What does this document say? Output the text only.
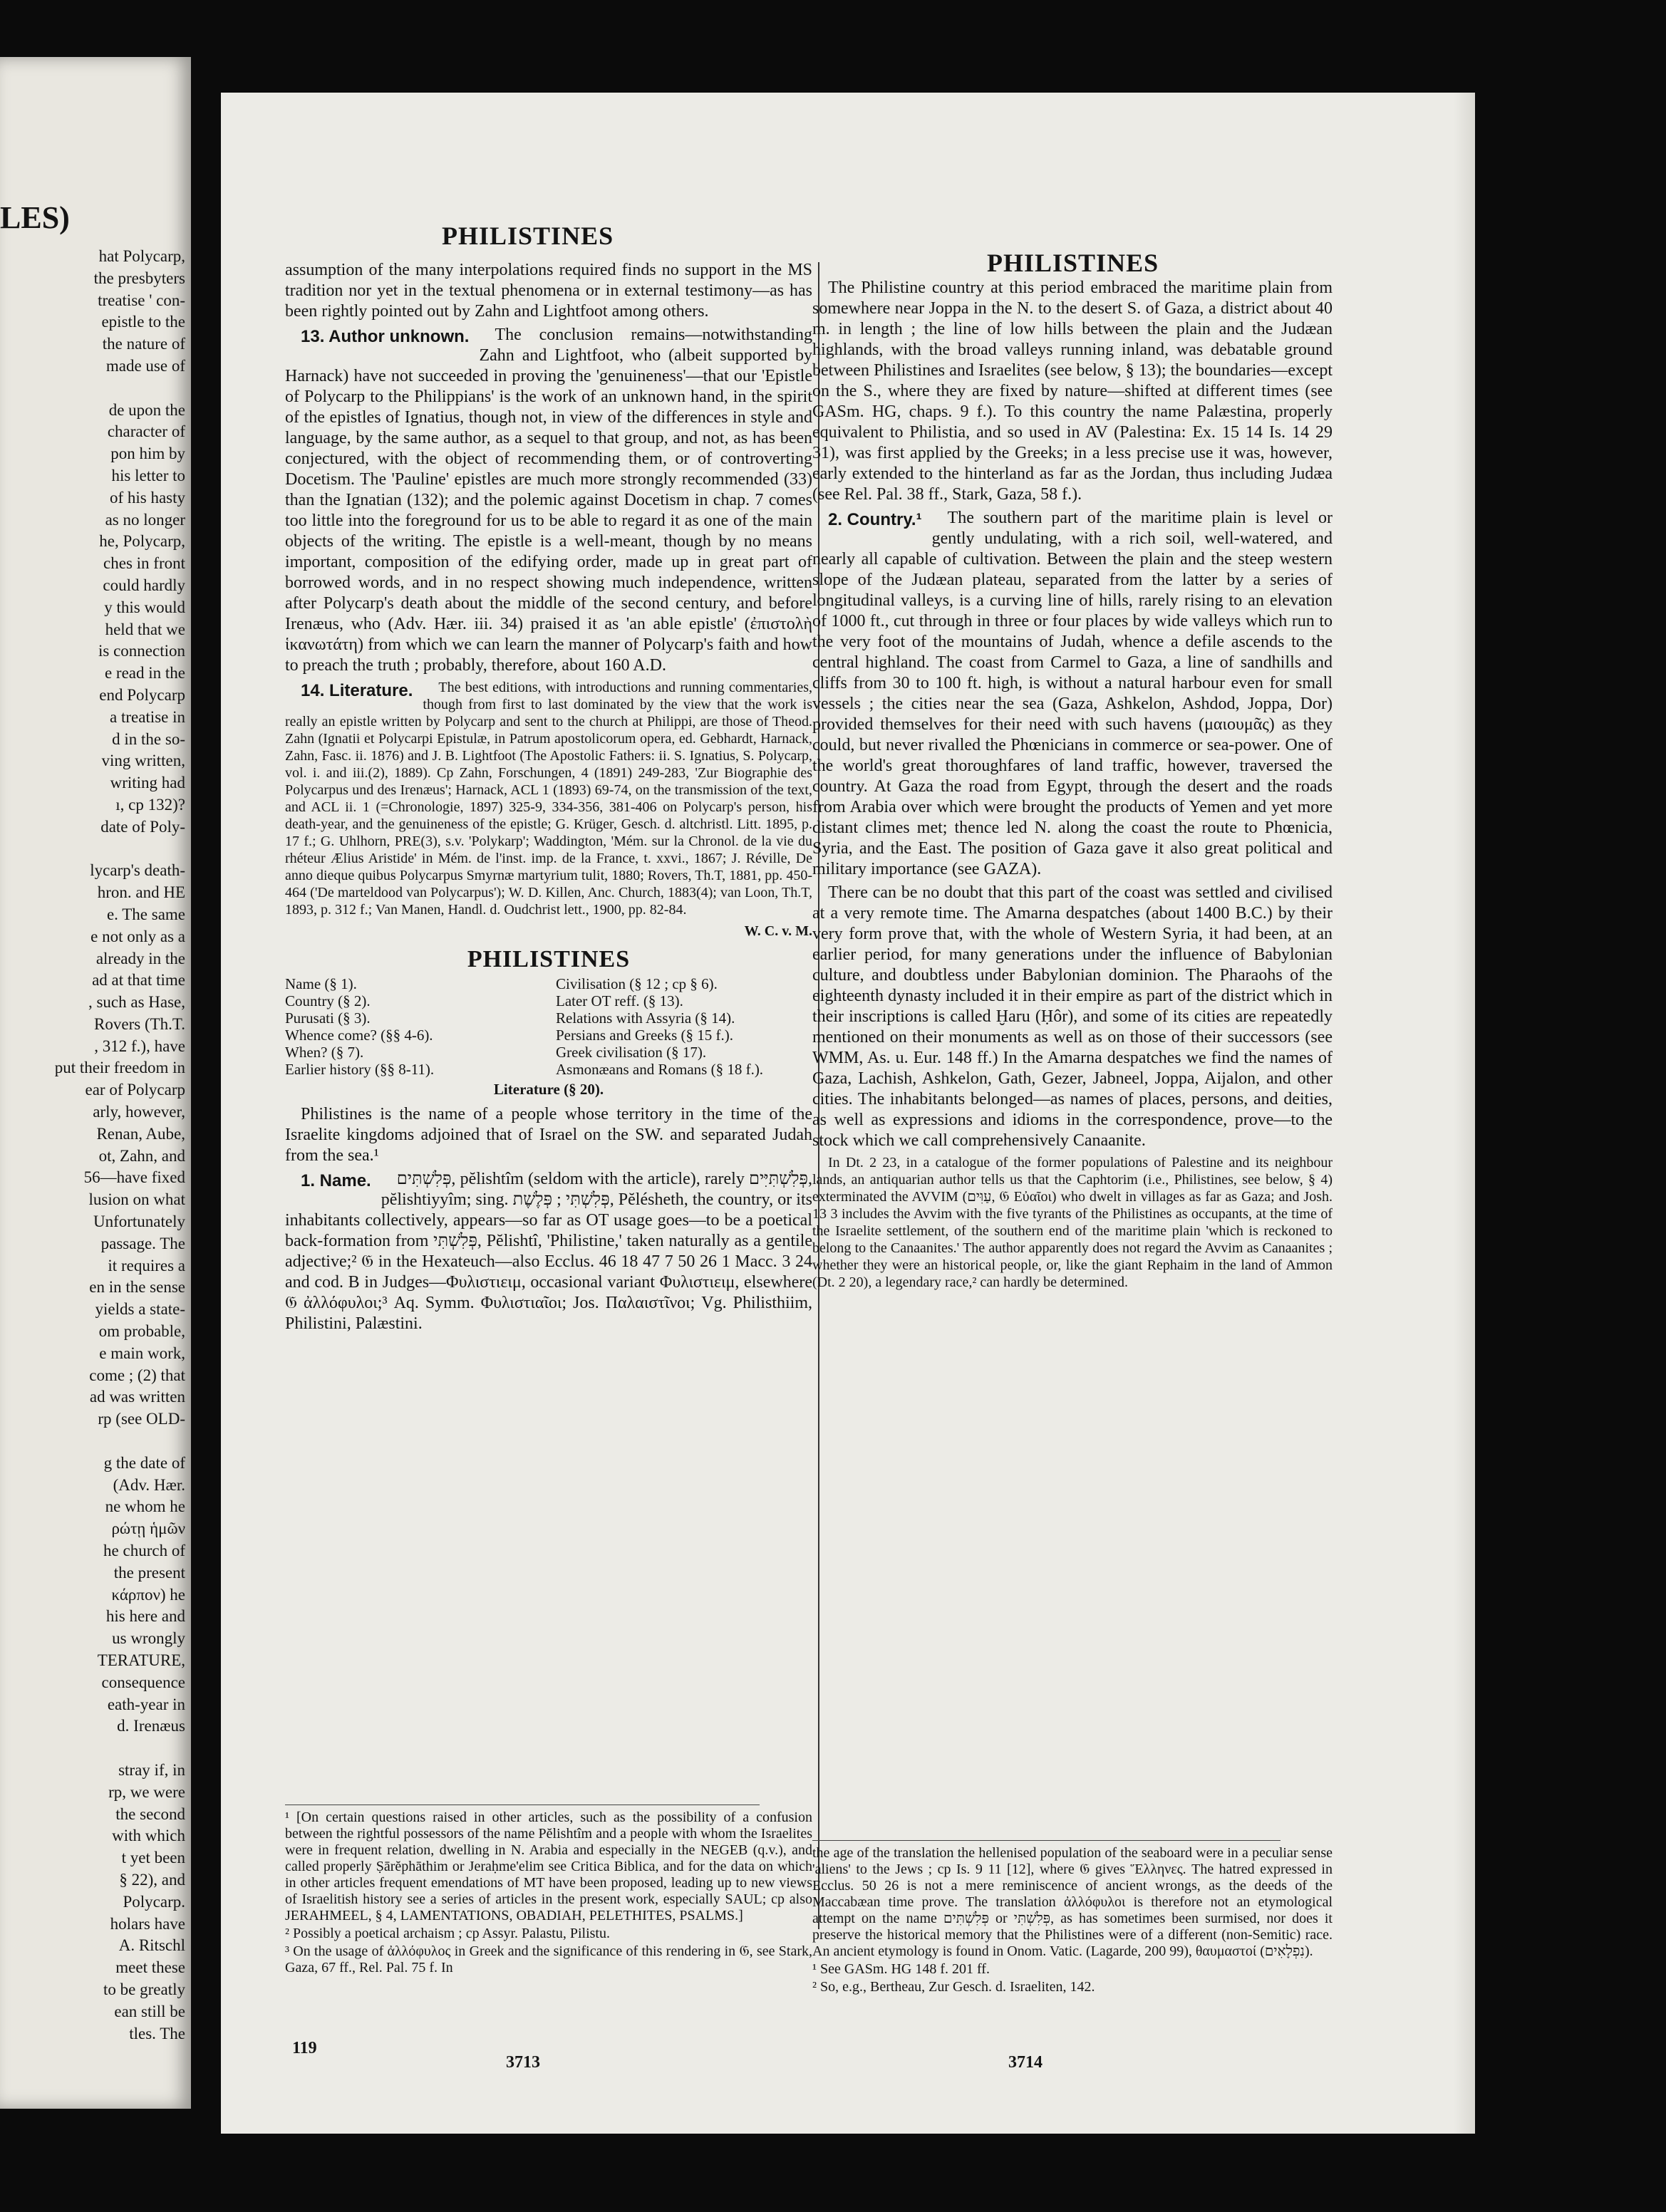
LES)
hat Polycarp,
the presbyters
treatise ' con-
epistle to the
the nature of
made use of

de upon the
character of
pon him by
his letter to
of his hasty
as no longer
he, Polycarp,
ches in front
could hardly
y this would
held that we
is connection
e read in the
end Polycarp
a treatise in
d in the so-
ving written,
writing had
ı, cp 132)?
date of Poly-

lycarp's death-
hron. and HE
e. The same
e not only as a
already in the
ad at that time
, such as Hase,
Rovers (Th.T.
, 312 f.), have
put their freedom in
ear of Polycarp
arly, however,
Renan, Aube,
ot, Zahn, and
56—have fixed
lusion on what
Unfortunately
passage. The
it requires a
en in the sense
yields a state-
om probable,
e main work,
come ; (2) that
ad was written
rp (see OLD-

g the date of
(Adv. Hær.
ne whom he
ρώτῃ ἡμῶν
he church of
the present
κάρπον) he
his here and
us wrongly
TERATURE,
consequence
eath-year in
d. Irenæus

stray if, in
rp, we were
the second
with which
t yet been
§ 22), and
Polycarp.
holars have
A. Ritschl
meet these
to be greatly
ean still be
tles. The
PHILISTINES
PHILISTINES

assumption of the many interpolations required finds no support in the MS tradition nor yet in the textual phenomena or in external testimony—as has been rightly pointed out by Zahn and Lightfoot among others.

13. Author unknown. The conclusion remains—notwithstanding Zahn and Lightfoot, who (albeit supported by Harnack) have not succeeded in proving the 'genuineness'—that our 'Epistle of Polycarp to the Philippians' is the work of an unknown hand, in the spirit of the epistles of Ignatius, though not, in view of the differences in style and language, by the same author, as a sequel to that group, and not, as has been conjectured, with the object of recommending them, or of controverting Docetism. The 'Pauline' epistles are much more strongly recommended (33) than the Ignatian (132); and the polemic against Docetism in chap. 7 comes too little into the foreground for us to be able to regard it as one of the main objects of the writing. The epistle is a well-meant, though by no means important, composition of the edifying order, made up in great part of borrowed words, and in no respect showing much independence, written after Polycarp's death about the middle of the second century, and before Irenæus, who (Adv. Hær. iii. 34) praised it as 'an able epistle' (ἐπιστολὴ ἱκανωτάτη) from which we can learn the manner of Polycarp's faith and how to preach the truth ; probably, therefore, about 160 A.D.

14. Literature. The best editions, with introductions and running commentaries, though from first to last dominated by the view that the work is really an epistle written by Polycarp and sent to the church at Philippi, are those of Theod. Zahn (Ignatii et Polycarpi Epistulæ, in Patrum apostolicorum opera, ed. Gebhardt, Harnack, Zahn, Fasc. ii. 1876) and J. B. Lightfoot (The Apostolic Fathers: ii. S. Ignatius, S. Polycarp, vol. i. and iii.(2), 1889). Cp Zahn, Forschungen, 4 (1891) 249-283, 'Zur Biographie des Polycarpus und des Irenæus'; Harnack, ACL 1 (1893) 69-74, on the transmission of the text, and ACL ii. 1 (=Chronologie, 1897) 325-9, 334-356, 381-406 on Polycarp's person, his death-year, and the genuineness of the epistle; G. Krüger, Gesch. d. altchristl. Litt. 1895, p. 17 f.; G. Uhlhorn, PRE(3), s.v. 'Polykarp'; Waddington, 'Mém. sur la Chronol. de la vie du rhéteur Ælius Aristide' in Mém. de l'inst. imp. de la France, t. xxvi., 1867; J. Réville, De anno dieque quibus Polycarpus Smyrnæ martyrium tulit, 1880; Rovers, Th.T, 1881, pp. 450-464 ('De marteldood van Polycarpus'); W. D. Killen, Anc. Church, 1883(4); van Loon, Th.T, 1893, p. 312 f.; Van Manen, Handl. d. Oudchrist lett., 1900, pp. 82-84.

W. C. v. M.
PHILISTINES
Name (§ 1).
Country (§ 2).
Purusati (§ 3).
Whence come? (§§ 4-6).
When? (§ 7).
Earlier history (§§ 8-11).
Civilisation (§ 12 ; cp § 6).
Later OT reff. (§ 13).
Relations with Assyria (§ 14).
Persians and Greeks (§ 15 f.).
Greek civilisation (§ 17).
Asmonæans and Romans (§ 18 f.).
Literature (§ 20).

Philistines is the name of a people whose territory in the time of the Israelite kingdoms adjoined that of Israel on the SW. and separated Judah from the sea.¹

1. Name. פְּלִשְׁתִּים, pĕlishtîm (seldom with the article), rarely פְּלִשְׁתִּיִּים, pĕlishtiyyîm; sing. פְּלִשְׁתִּי ; פְּלֶשֶׁת, Pĕlésheth, the country, or its inhabitants collectively, appears—so far as OT usage goes—to be a poetical back-formation from פְּלִשְׁתִּי, Pĕlishtî, 'Philistine,' taken naturally as a gentile adjective;² 𝔊 in the Hexateuch—also Ecclus. 46 18 47 7 50 26 1 Macc. 3 24 and cod. B in Judges—Φυλιστιειμ, occasional variant Φυλιστιειμ, elsewhere 𝔊 ἀλλόφυλοι;³ Aq. Symm. Φυλιστιαῖοι; Jos. Παλαιστῖνοι; Vg. Philisthiim, Philistini, Palæstini.

¹ [On certain questions raised in other articles, such as the possibility of a confusion between the rightful possessors of the name Pĕlishtîm and a people with whom the Israelites were in frequent relation, dwelling in N. Arabia and especially in the NEGEB (q.v.), and called properly Ṣārĕphāthim or Jeraḥme'elim see Critica Biblica, and for the data on which in other articles frequent emendations of MT have been proposed, leading up to new views of Israelitish history see a series of articles in the present work, especially SAUL; cp also JERAHMEEL, § 4, LAMENTATIONS, OBADIAH, PELETHITES, PSALMS.]

² Possibly a poetical archaism ; cp Assyr. Palastu, Pilistu.

³ On the usage of ἀλλόφυλος in Greek and the significance of this rendering in 𝔊, see Stark, Gaza, 67 ff., Rel. Pal. 75 f. In

The Philistine country at this period embraced the maritime plain from somewhere near Joppa in the N. to the desert S. of Gaza, a district about 40 m. in length ; the line of low hills between the plain and the Judæan highlands, with the broad valleys running inland, was debatable ground between Philistines and Israelites (see below, § 13); the boundaries—except on the S., where they are fixed by nature—shifted at different times (see GASm. HG, chaps. 9 f.). To this country the name Palæstina, properly equivalent to Philistia, and so used in AV (Palestina: Ex. 15 14 Is. 14 29 31), was first applied by the Greeks; in a less precise use it was, however, early extended to the hinterland as far as the Jordan, thus including Judæa (see Rel. Pal. 38 ff., Stark, Gaza, 58 f.).

2. Country.¹ The southern part of the maritime plain is level or gently undulating, with a rich soil, well-watered, and nearly all capable of cultivation. Between the plain and the steep western slope of the Judæan plateau, separated from the latter by a series of longitudinal valleys, is a curving line of hills, rarely rising to an elevation of 1000 ft., cut through in three or four places by wide valleys which run to the very foot of the mountains of Judah, whence a defile ascends to the central highland. The coast from Carmel to Gaza, a line of sandhills and cliffs from 30 to 100 ft. high, is without a natural harbour even for small vessels ; the cities near the sea (Gaza, Ashkelon, Ashdod, Joppa, Dor) provided themselves for their need with such havens (μαιουμᾶς) as they could, but never rivalled the Phœnicians in commerce or sea-power. One of the world's great thoroughfares of land traffic, however, traversed the country. At Gaza the road from Egypt, through the desert and the roads from Arabia over which were brought the products of Yemen and yet more distant climes met; thence led N. along the coast the route to Phœnicia, Syria, and the East. The position of Gaza gave it also great political and military importance (see GAZA).

There can be no doubt that this part of the coast was settled and civilised at a very remote time. The Amarna despatches (about 1400 B.C.) by their very form prove that, with the whole of Western Syria, it had been, at an earlier period, for many generations under the influence of Babylonian culture, and doubtless under Babylonian dominion. The Pharaohs of the eighteenth dynasty included it in their empire as part of the district which in their inscriptions is called Ḫaru (Ḥôr), and some of its cities are repeatedly mentioned on their monuments as well as on those of their successors (see WMM, As. u. Eur. 148 ff.) In the Amarna despatches we find the names of Gaza, Lachish, Ashkelon, Gath, Gezer, Jabneel, Joppa, Aijalon, and other cities. The inhabitants belonged—as names of places, persons, and deities, as well as expressions and idioms in the correspondence, prove—to the stock which we call comprehensively Canaanite.

In Dt. 2 23, in a catalogue of the former populations of Palestine and its neighbour lands, an antiquarian author tells us that the Caphtorim (i.e., Philistines, see below, § 4) exterminated the AVVIM (עַוִּים, 𝔊 Εὐαῖοι) who dwelt in villages as far as Gaza; and Josh. 13 3 includes the Avvim with the five tyrants of the Philistines as occupants, at the time of the Israelite settlement, of the southern end of the maritime plain 'which is reckoned to belong to the Canaanites.' The author apparently does not regard the Avvim as Canaanites ; whether they were an historical people, or, like the giant Rephaim in the land of Ammon (Dt. 2 20), a legendary race,² can hardly be determined.

the age of the translation the hellenised population of the seaboard were in a peculiar sense 'aliens' to the Jews ; cp Is. 9 11 [12], where 𝔊 gives Ἕλληνες. The hatred expressed in Ecclus. 50 26 is not a mere reminiscence of ancient wrongs, as the deeds of the Maccabæan time prove. The translation ἀλλόφυλοι is therefore not an etymological attempt on the name פְּלִשְׁתִּים or פְּלִשְׁתִּי, as has sometimes been surmised, nor does it preserve the historical memory that the Philistines were of a different (non-Semitic) race. An ancient etymology is found in Onom. Vatic. (Lagarde, 200 99), θαυμαστοί (נִפְלָאִים).

¹ See GASm. HG 148 f. 201 ff.

² So, e.g., Bertheau, Zur Gesch. d. Israeliten, 142.

119
3713	3714
